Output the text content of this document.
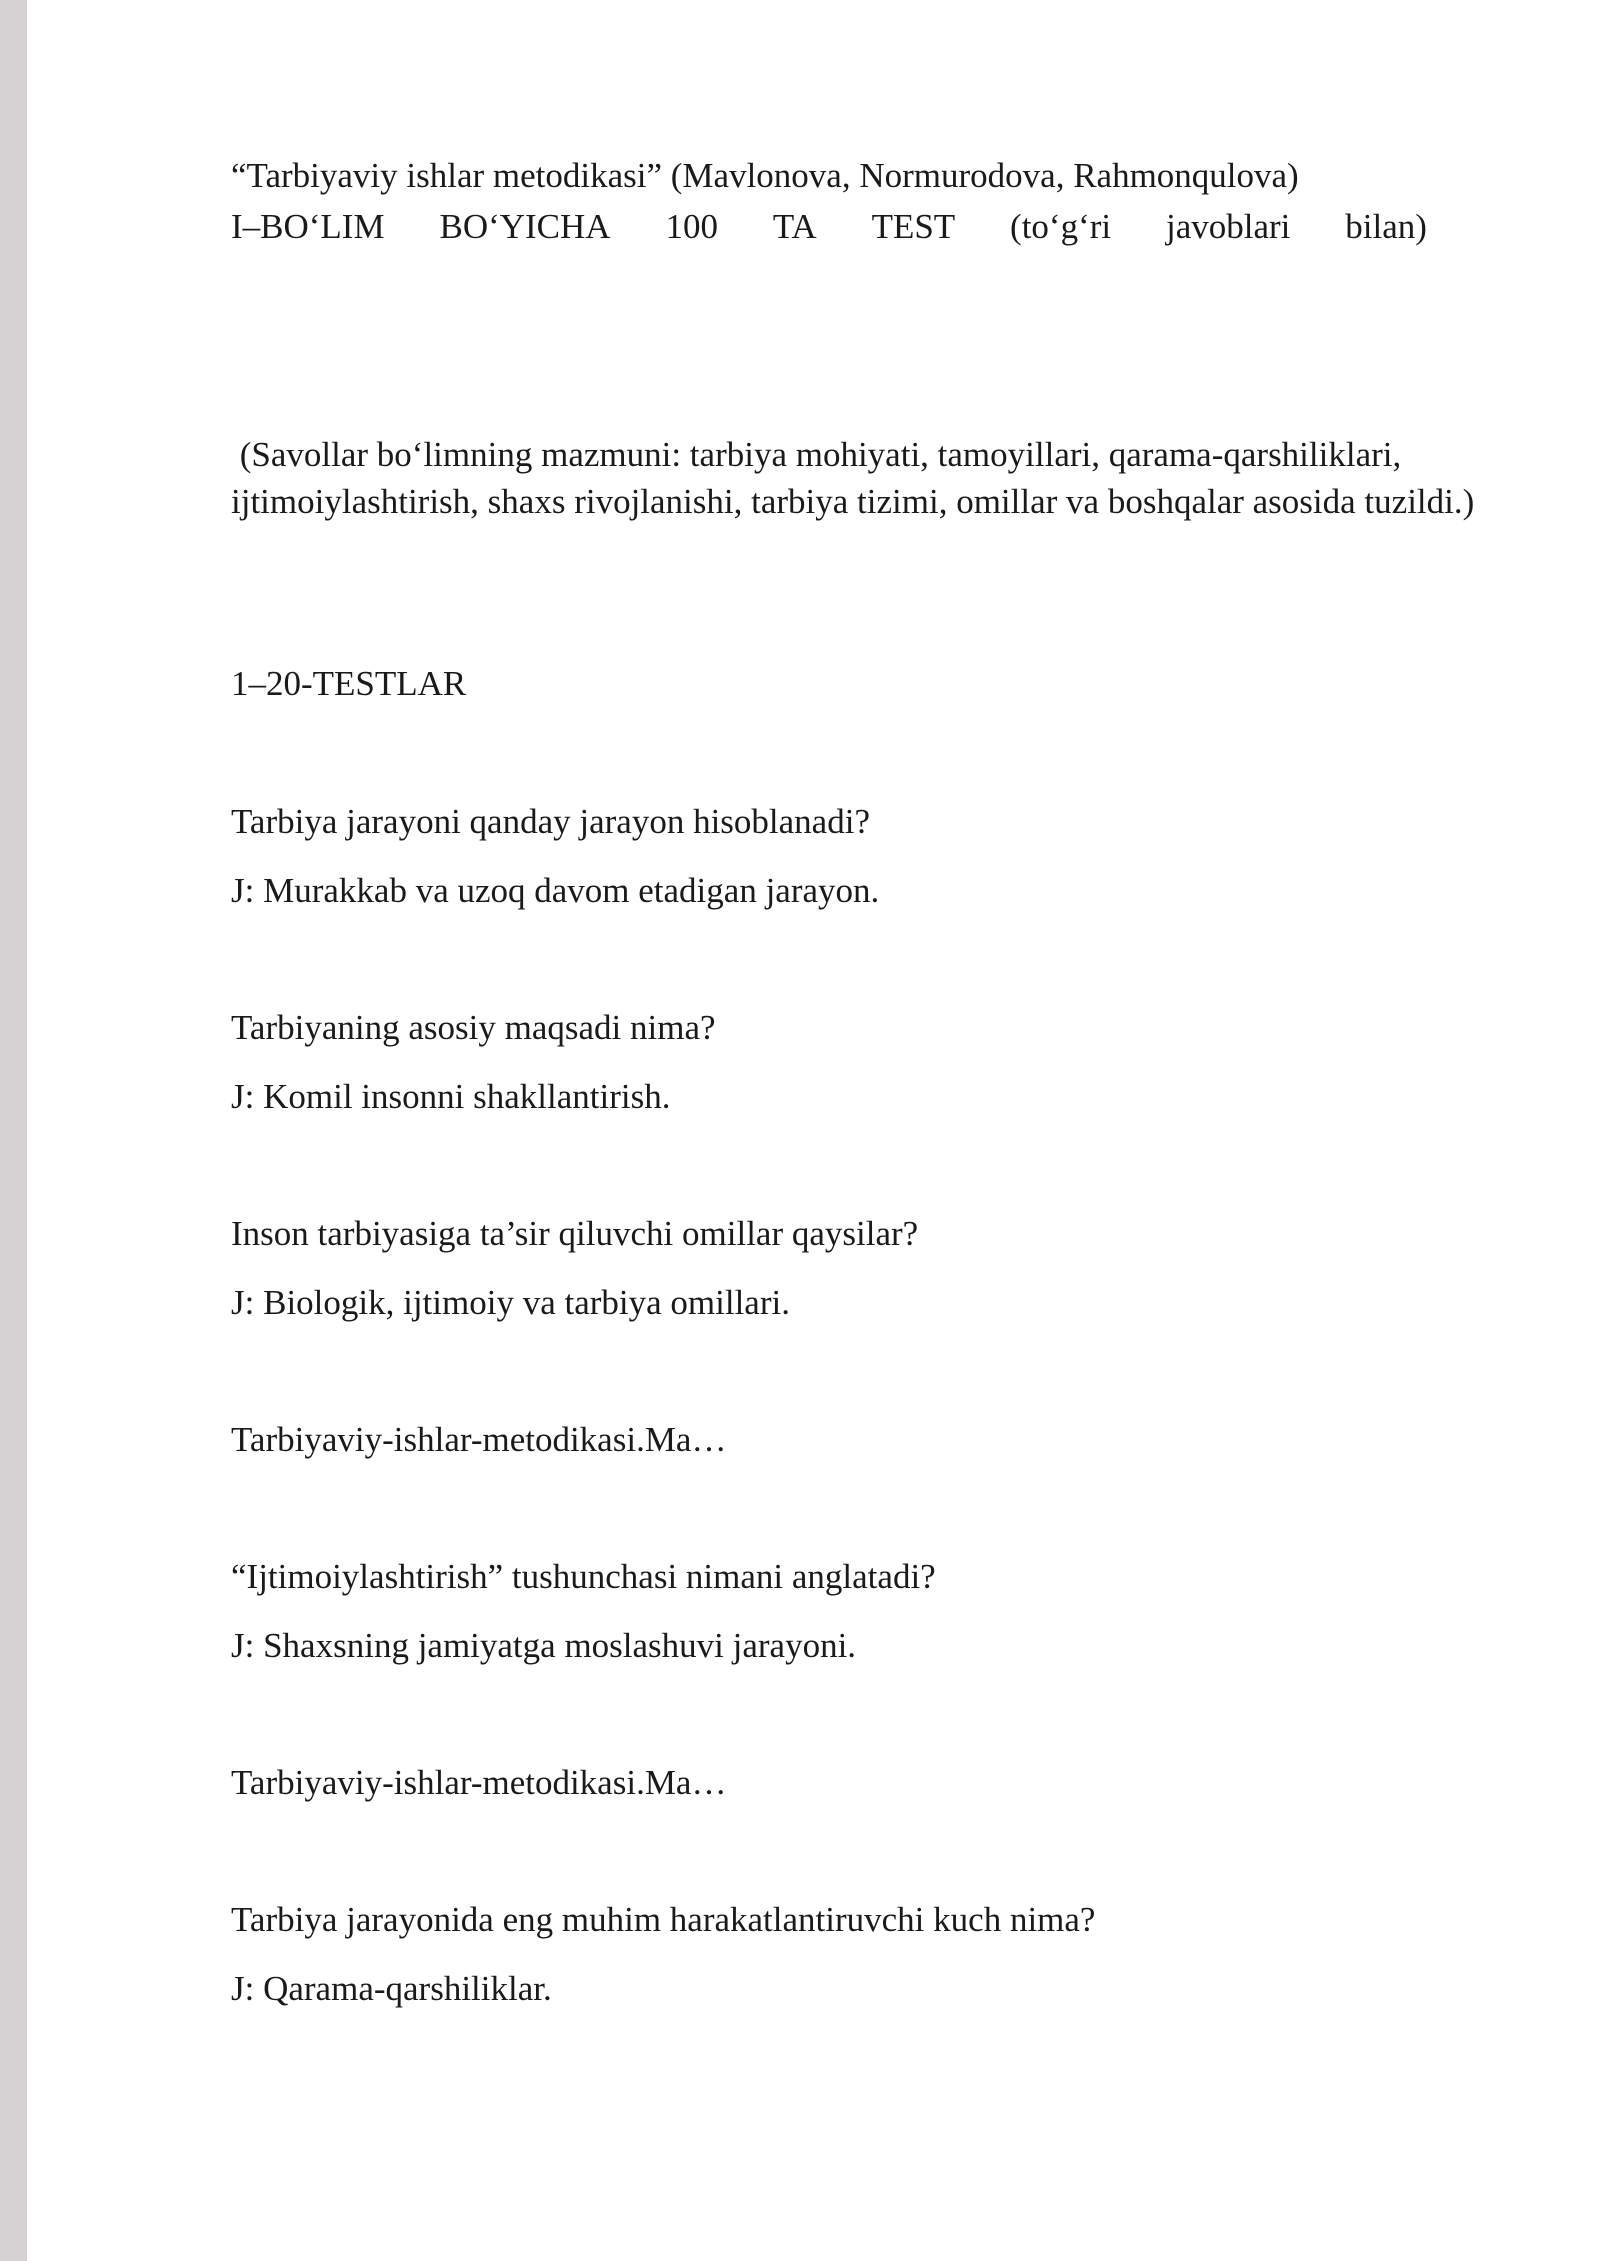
“Tarbiyaviy ishlar metodikasi” (Mavlonova, Normurodova, Rahmonqulova)
I–BO‘LIM BO‘YICHA 100 TA TEST (to‘g‘ri javoblari bilan)
(Savollar bo‘limning mazmuni: tarbiya mohiyati, tamoyillari, qarama-qarshiliklari, ijtimoiylashtirish, shaxs rivojlanishi, tarbiya tizimi, omillar va boshqalar asosida tuzildi.)
1–20-TESTLAR
Tarbiya jarayoni qanday jarayon hisoblanadi?
J: Murakkab va uzoq davom etadigan jarayon.
Tarbiyaning asosiy maqsadi nima?
J: Komil insonni shakllantirish.
Inson tarbiyasiga ta’sir qiluvchi omillar qaysilar?
J: Biologik, ijtimoiy va tarbiya omillari.
Tarbiyaviy-ishlar-metodikasi.Ma…
“Ijtimoiylashtirish” tushunchasi nimani anglatadi?
J: Shaxsning jamiyatga moslashuvi jarayoni.
Tarbiyaviy-ishlar-metodikasi.Ma…
Tarbiya jarayonida eng muhim harakatlantiruvchi kuch nima?
J: Qarama-qarshiliklar.
